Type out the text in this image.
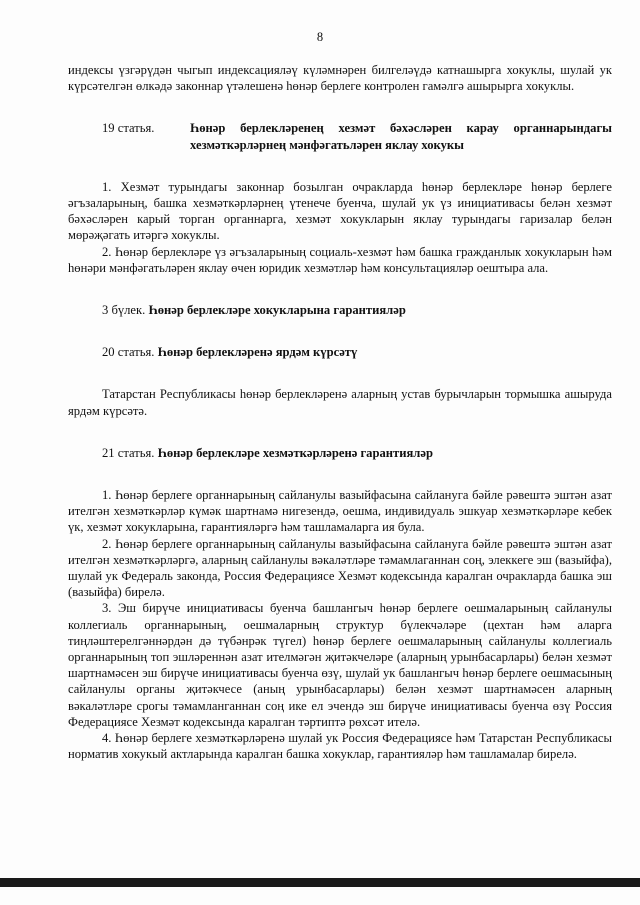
8

индексы үзгәрүдән чыгып индексацияләү күләмнәрен билгеләүдә катнашырга хокуклы, шулай ук күрсәтелгән өлкәдә законнар үтәлешенә һөнәр берлеге контролен гамәлгә ашырырга хокуклы.

19 статья.	Һөнәр берлекләренең хезмәт бәхәсләрен карау органнарындагы хезмәткәрләрнең мәнфәгатьләрен яклау хокукы

1. Хезмәт турындагы законнар бозылган очракларда һөнәр берлекләре һөнәр берлеге әгъзаларының, башка хезмәткәрләрнең үтенече буенча, шулай ук үз инициативасы белән хезмәт бәхәсләрен карый торган органнарга, хезмәт хокукларын яклау турындагы гаризалар белән мөрәҗәгать итәргә хокуклы.

2. Һөнәр берлекләре үз әгъзаларының социаль-хезмәт һәм башка гражданлык хокукларын һәм һөнәри мәнфәгатьләрен яклау өчен юридик хезмәтләр һәм консультацияләр оештыра ала.

3 бүлек. Һөнәр берлекләре хокукларына гарантияләр
20 статья. Һөнәр берлекләренә ярдәм күрсәтү

Татарстан Республикасы һөнәр берлекләренә аларның устав бурычларын тормышка ашыруда ярдәм күрсәтә.

21 статья. Һөнәр берлекләре хезмәткәрләренә гарантияләр

1. Һөнәр берлеге органнарының сайланулы вазыйфасына сайлануга бәйле рәвештә эштән азат ителгән хезмәткәрләр күмәк шартнамә нигезендә, оешма, индивидуаль эшкуар хезмәткәрләре кебек үк, хезмәт хокукларына, гарантияләргә һәм ташламаларга ия була.

2. Һөнәр берлеге органнарының сайланулы вазыйфасына сайлануга бәйле рәвештә эштән азат ителгән хезмәткәрләргә, аларның сайланулы вәкаләтләре тәмамлаганнан соң, элеккеге эш (вазыйфа), шулай ук Федераль законда, Россия Федерациясе Хезмәт кодексында каралган очракларда башка эш (вазыйфа) бирелә.

3. Эш бирүче инициативасы буенча башлангыч һөнәр берлеге оешмаларының сайланулы коллегиаль органнарының, оешмаларның структур бүлекчәләре (цехтан һәм аларга тиңләштерелгәннәрдән дә түбәнрәк түгел) һөнәр берлеге оешмаларының сайланулы коллегиаль органнарының топ эшләреннән азат ителмәгән җитәкчеләре (аларның урынбасарлары) белән хезмәт шартнамәсен эш бирүче инициативасы буенча өзү, шулай ук башлангыч һөнәр берлеге оешмасының сайланулы органы җитәкчесе (аның урынбасарлары) белән хезмәт шартнамәсен аларның вәкаләтләре срогы тәмамланганнан соң ике ел эчендә эш бирүче инициативасы буенча өзү Россия Федерациясе Хезмәт кодексында каралган тәртиптә рөхсәт ителә.

4. Һөнәр берлеге хезмәткәрләренә шулай ук Россия Федерациясе һәм Татарстан Республикасы норматив хокукый актларында каралган башка хокуклар, гарантияләр һәм ташламалар бирелә.
